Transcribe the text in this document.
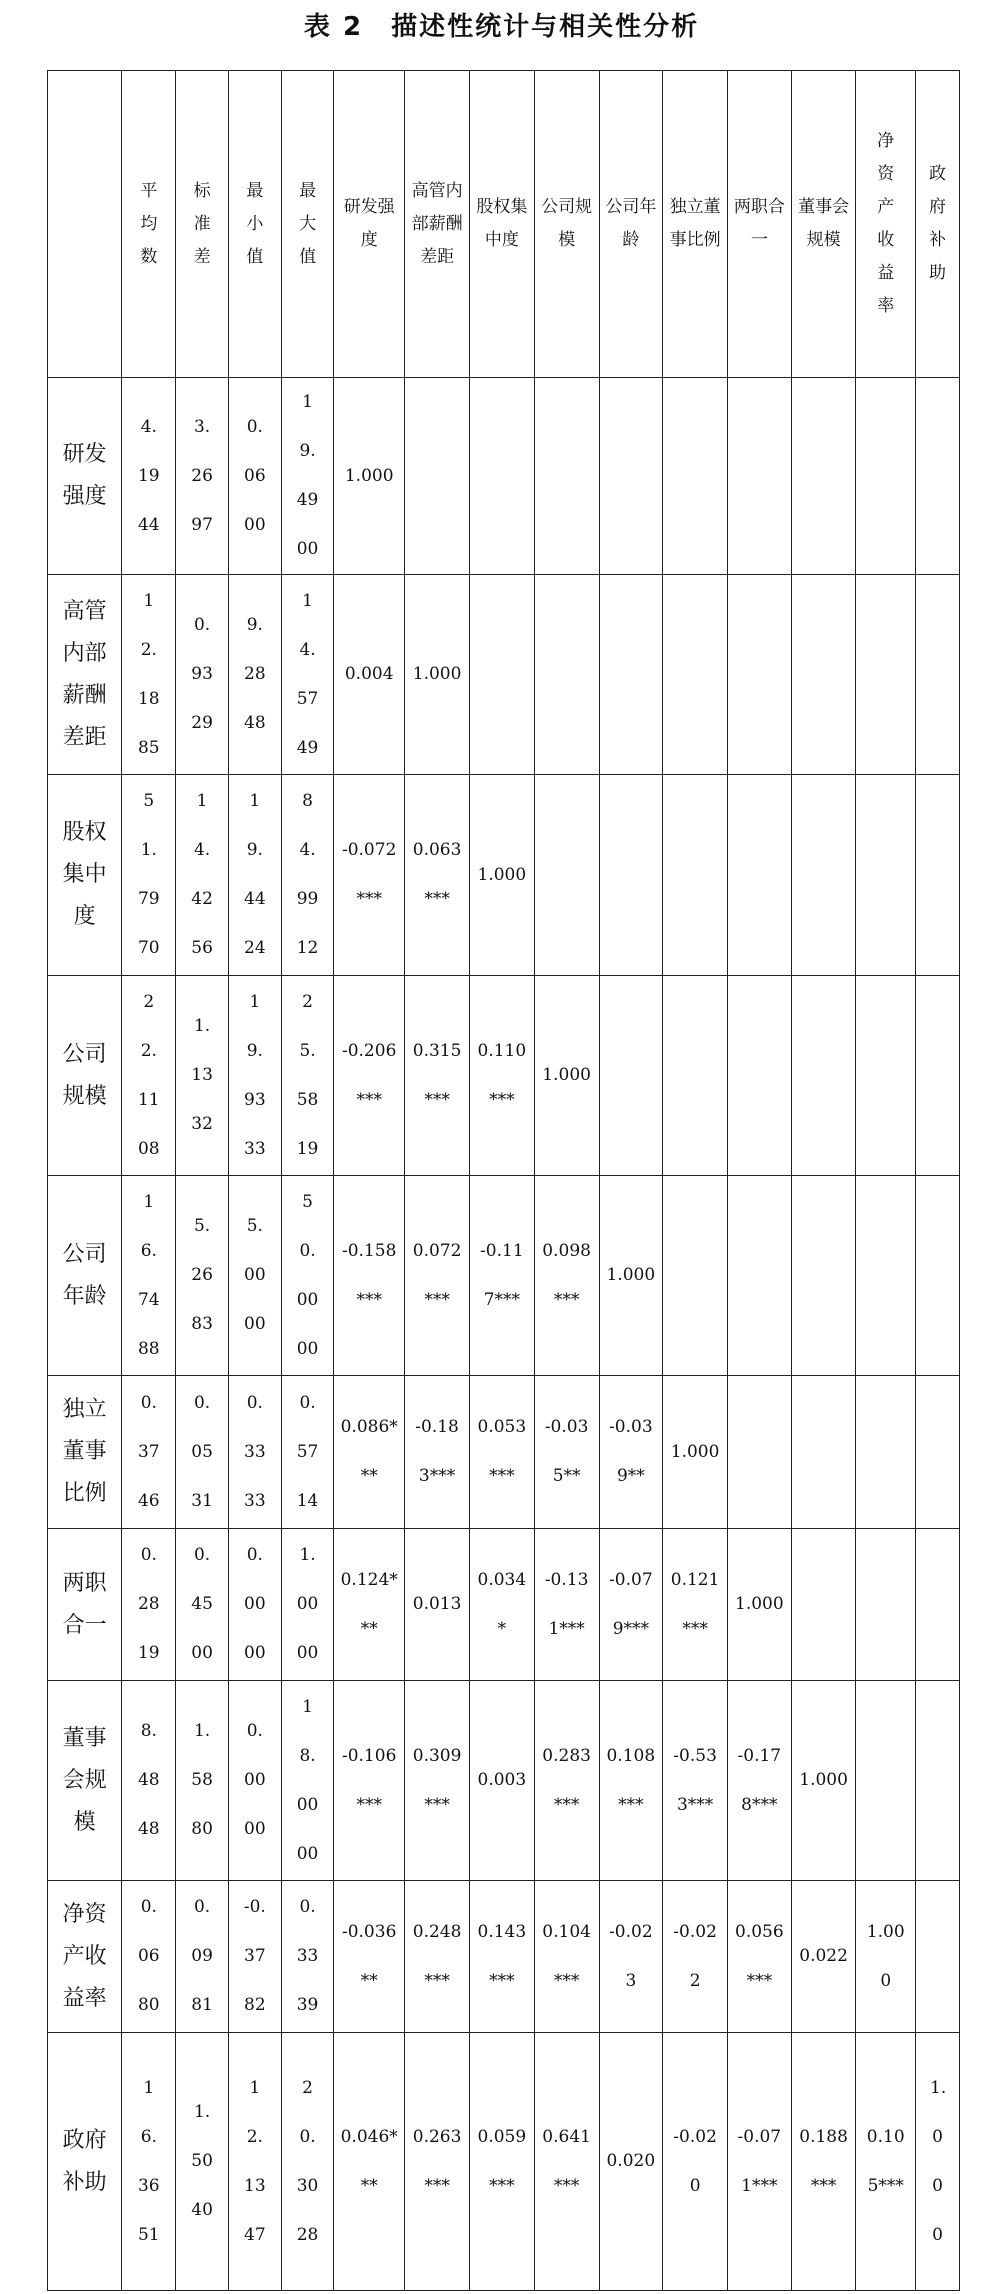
表 2　描述性统计与相关性分析

	平均数	标准差	最小值	最大值	研发强度	高管内部薪酬差距	股权集中度	公司规模	公司年龄	独立董事比例	两职合一	董事会规模	净资产收益率	政府补助

研发强度	4.1944	3.2697	0.0600	19.4900	1.000									

高管内部薪酬差距	12.1885	0.9329	9.2848	14.5749	0.004	1.000								

股权集中度	51.7970	14.4256	19.4424	84.9912	-0.072***	0.063***	1.000							

公司规模	22.1108	1.1332	19.9333	25.5819	-0.206***	0.315***	0.110***	1.000						

公司年龄	16.7488	5.2683	5.0000	50.0000	-0.158***	0.072***	-0.117***	0.098***	1.000					

独立董事比例	0.3746	0.0531	0.3333	0.5714	0.086***	-0.183***	0.053***	-0.035**	-0.039**	1.000				

两职合一	0.2819	0.4500	0.0000	1.0000	0.124***	0.013	0.034*	-0.131***	-0.079***	0.121***	1.000			

董事会规模	8.4848	1.5880	0.0000	18.0000	-0.106***	0.309***	0.003	0.283***	0.108***	-0.533***	-0.178***	1.000		

净资产收益率	0.0680	0.0981	-0.3782	0.3339	-0.036**	0.248***	0.143***	0.104***	-0.023	-0.022	0.056***	0.022	1.000	

政府补助	16.3651	1.5040	12.1347	20.3028	0.046***	0.263***	0.059***	0.641***	0.020	-0.020	-0.071***	0.188***	0.105***	1.000
